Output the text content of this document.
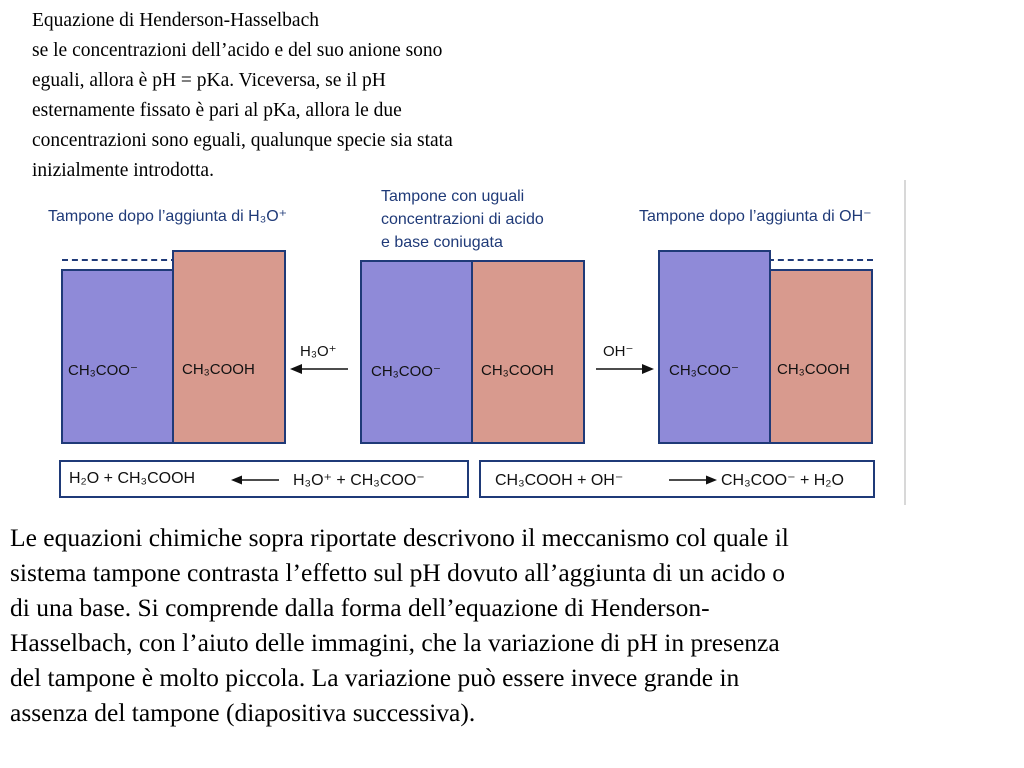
Equazione di Henderson-Hasselbach
se le concentrazioni dell’acido e del suo anione sono
eguali, allora è pH = pKa. Viceversa, se il pH
esternamente fissato è pari al pKa, allora le due
concentrazioni sono eguali, qualunque specie sia stata
inizialmente introdotta.
Tampone dopo l’aggiunta di H₃O⁺
Tampone con uguali
concentrazioni di acido
e base coniugata
Tampone dopo l’aggiunta di OH⁻
CH₃COO⁻	CH₃COOH
H₃O⁺
CH₃COO⁻	CH₃COOH
OH⁻
CH₃COO⁻	CH₃COOH
H₂O + CH₃COOH	H₃O⁺ + CH₃COO⁻	CH₃COOH + OH⁻	CH₃COO⁻ + H₂O
Le equazioni chimiche sopra riportate descrivono il meccanismo col quale il
sistema tampone contrasta l’effetto sul pH dovuto all’aggiunta di un acido o
di una base. Si comprende dalla forma dell’equazione di Henderson-
Hasselbach, con l’aiuto delle immagini, che la variazione di pH in presenza
del tampone è molto piccola. La variazione può essere invece grande in
assenza del tampone (diapositiva successiva).
